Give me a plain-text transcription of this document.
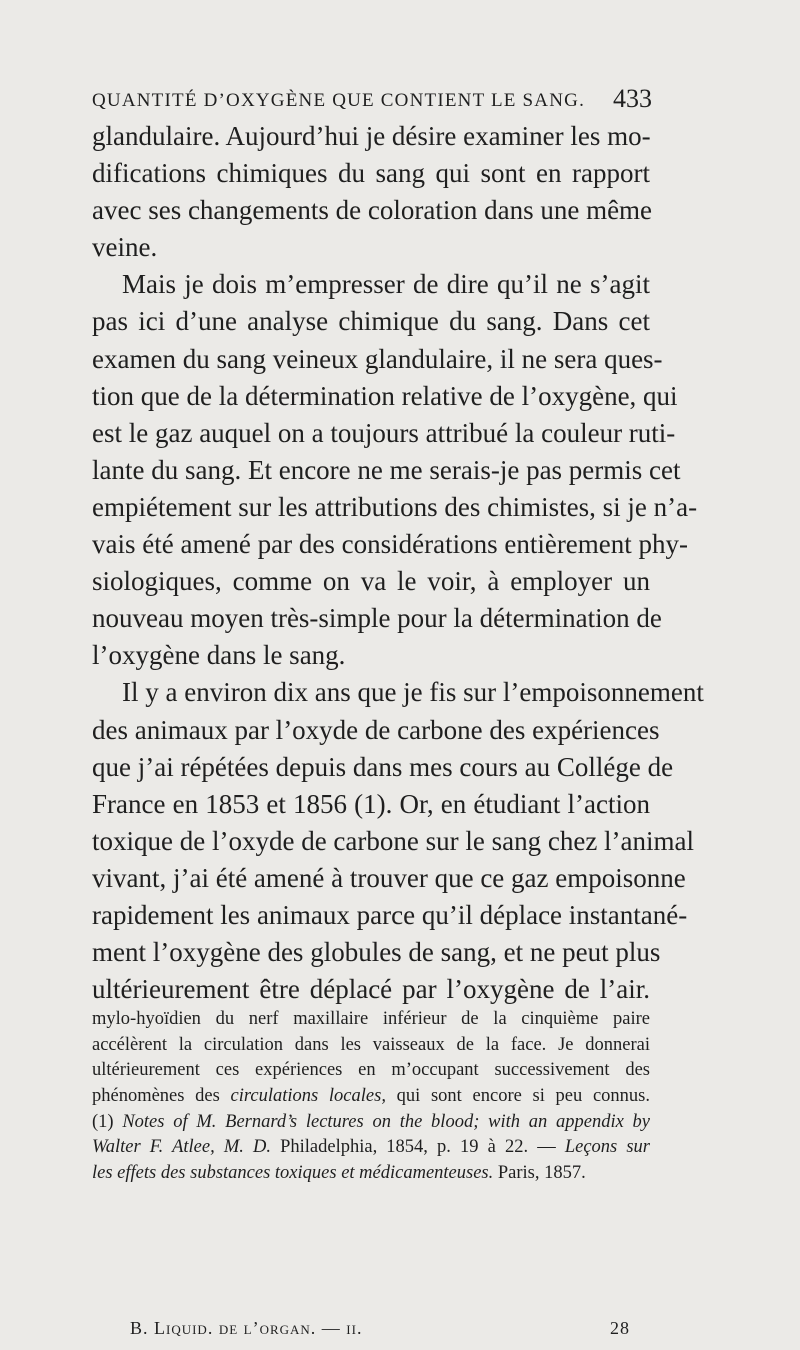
QUANTITÉ D’OXYGÈNE QUE CONTIENT LE SANG. 433
glandulaire. Aujourd’hui je désire examiner les mo-
difications chimiques du sang qui sont en rapport
avec ses changements de coloration dans une même
veine.
Mais je dois m’empresser de dire qu’il ne s’agit
pas ici d’une analyse chimique du sang. Dans cet
examen du sang veineux glandulaire, il ne sera ques-
tion que de la détermination relative de l’oxygène, qui
est le gaz auquel on a toujours attribué la couleur ruti-
lante du sang. Et encore ne me serais-je pas permis cet
empiétement sur les attributions des chimistes, si je n’a-
vais été amené par des considérations entièrement phy-
siologiques, comme on va le voir, à employer un
nouveau moyen très-simple pour la détermination de
l’oxygène dans le sang.
Il y a environ dix ans que je fis sur l’empoisonnement
des animaux par l’oxyde de carbone des expériences
que j’ai répétées depuis dans mes cours au Collége de
France en 1853 et 1856 (1). Or, en étudiant l’action
toxique de l’oxyde de carbone sur le sang chez l’animal
vivant, j’ai été amené à trouver que ce gaz empoisonne
rapidement les animaux parce qu’il déplace instantané-
ment l’oxygène des globules de sang, et ne peut plus
ultérieurement être déplacé par l’oxygène de l’air.
mylo-hyoïdien du nerf maxillaire inférieur de la cinquième paire
accélèrent la circulation dans les vaisseaux de la face. Je donnerai
ultérieurement ces expériences en m’occupant successivement des
phénomènes des circulations locales, qui sont encore si peu connus.
(1) Notes of M. Bernard’s lectures on the blood; with an appendix by
Walter F. Atlee, M. D. Philadelphia, 1854, p. 19 à 22. — Leçons sur
les effets des substances toxiques et médicamenteuses. Paris, 1857.
B. Liquid. de l’organ. — ii.	28
